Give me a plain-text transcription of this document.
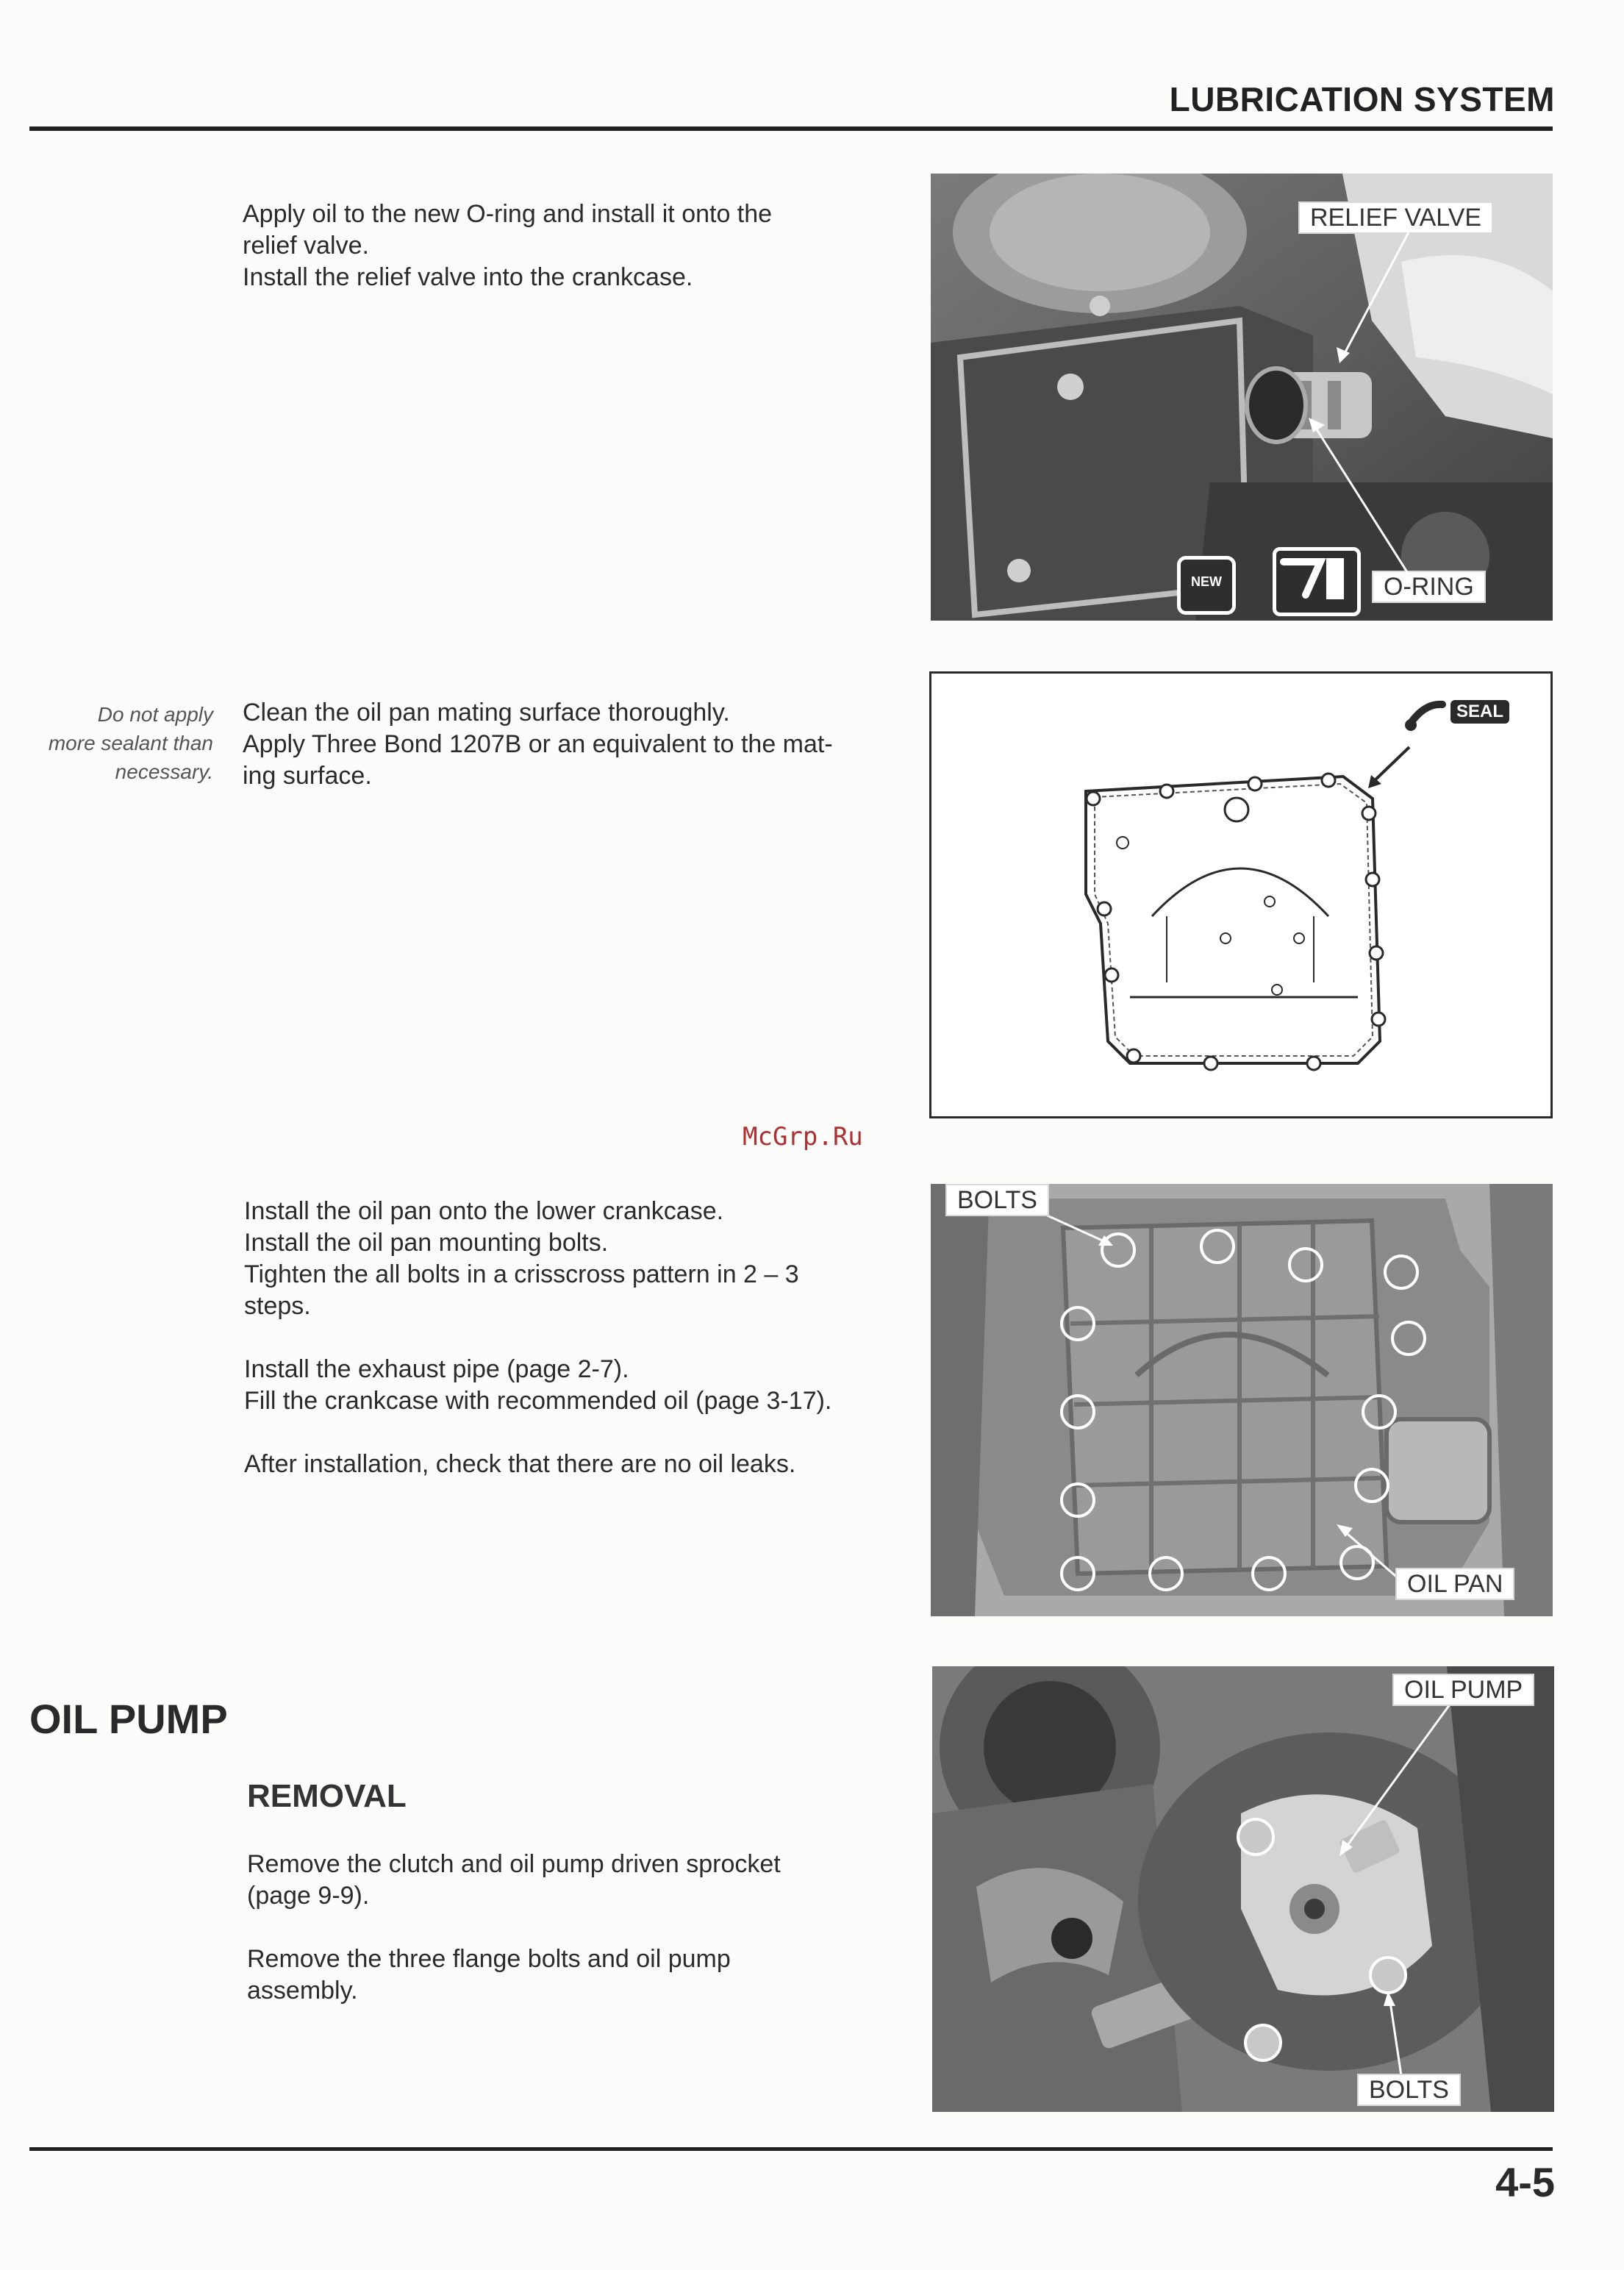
LUBRICATION SYSTEM

Apply oil to the new O-ring and install it onto the

relief valve.

Install the relief valve into the crankcase.

RELIEF VALVE
O-RING
NEW
Do not apply
more sealant than
necessary.

Clean the oil pan mating surface thoroughly.

Apply Three Bond 1207B or an equivalent to the mat-

ing surface.

SEAL
McGrp.Ru

Install the oil pan onto the lower crankcase.

Install the oil pan mounting bolts.

Tighten the all bolts in a crisscross pattern in 2 – 3

steps.

Install the exhaust pipe (page 2-7).

Fill the crankcase with recommended oil (page 3-17).

After installation, check that there are no oil leaks.

BOLTS
OIL PAN
OIL PUMP
REMOVAL

Remove the clutch and oil pump driven sprocket

(page 9-9).

Remove the three flange bolts and oil pump

assembly.

OIL PUMP
BOLTS
4-5
